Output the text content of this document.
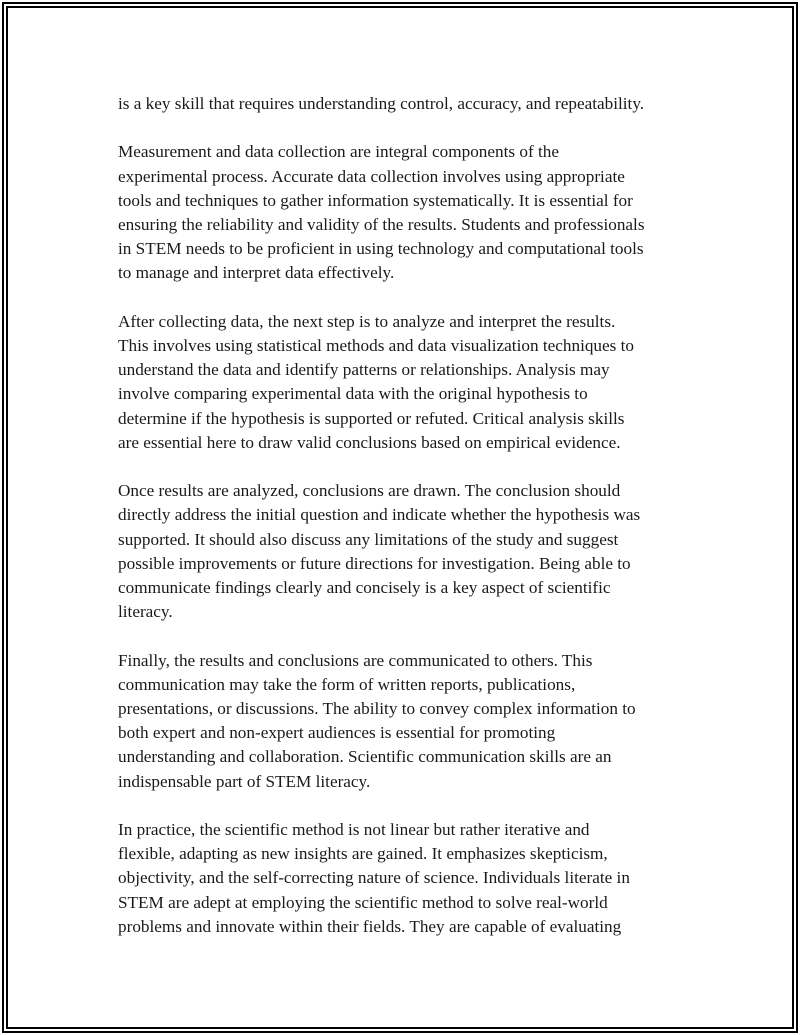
is a key skill that requires understanding control, accuracy, and repeatability.

Measurement and data collection are integral components of the
experimental process. Accurate data collection involves using appropriate
tools and techniques to gather information systematically. It is essential for
ensuring the reliability and validity of the results. Students and professionals
in STEM needs to be proficient in using technology and computational tools
to manage and interpret data effectively.

After collecting data, the next step is to analyze and interpret the results.
This involves using statistical methods and data visualization techniques to
understand the data and identify patterns or relationships. Analysis may
involve comparing experimental data with the original hypothesis to
determine if the hypothesis is supported or refuted. Critical analysis skills
are essential here to draw valid conclusions based on empirical evidence.

Once results are analyzed, conclusions are drawn. The conclusion should
directly address the initial question and indicate whether the hypothesis was
supported. It should also discuss any limitations of the study and suggest
possible improvements or future directions for investigation. Being able to
communicate findings clearly and concisely is a key aspect of scientific
literacy.

Finally, the results and conclusions are communicated to others. This
communication may take the form of written reports, publications,
presentations, or discussions. The ability to convey complex information to
both expert and non-expert audiences is essential for promoting
understanding and collaboration. Scientific communication skills are an
indispensable part of STEM literacy.

In practice, the scientific method is not linear but rather iterative and
flexible, adapting as new insights are gained. It emphasizes skepticism,
objectivity, and the self-correcting nature of science. Individuals literate in
STEM are adept at employing the scientific method to solve real-world
problems and innovate within their fields. They are capable of evaluating
